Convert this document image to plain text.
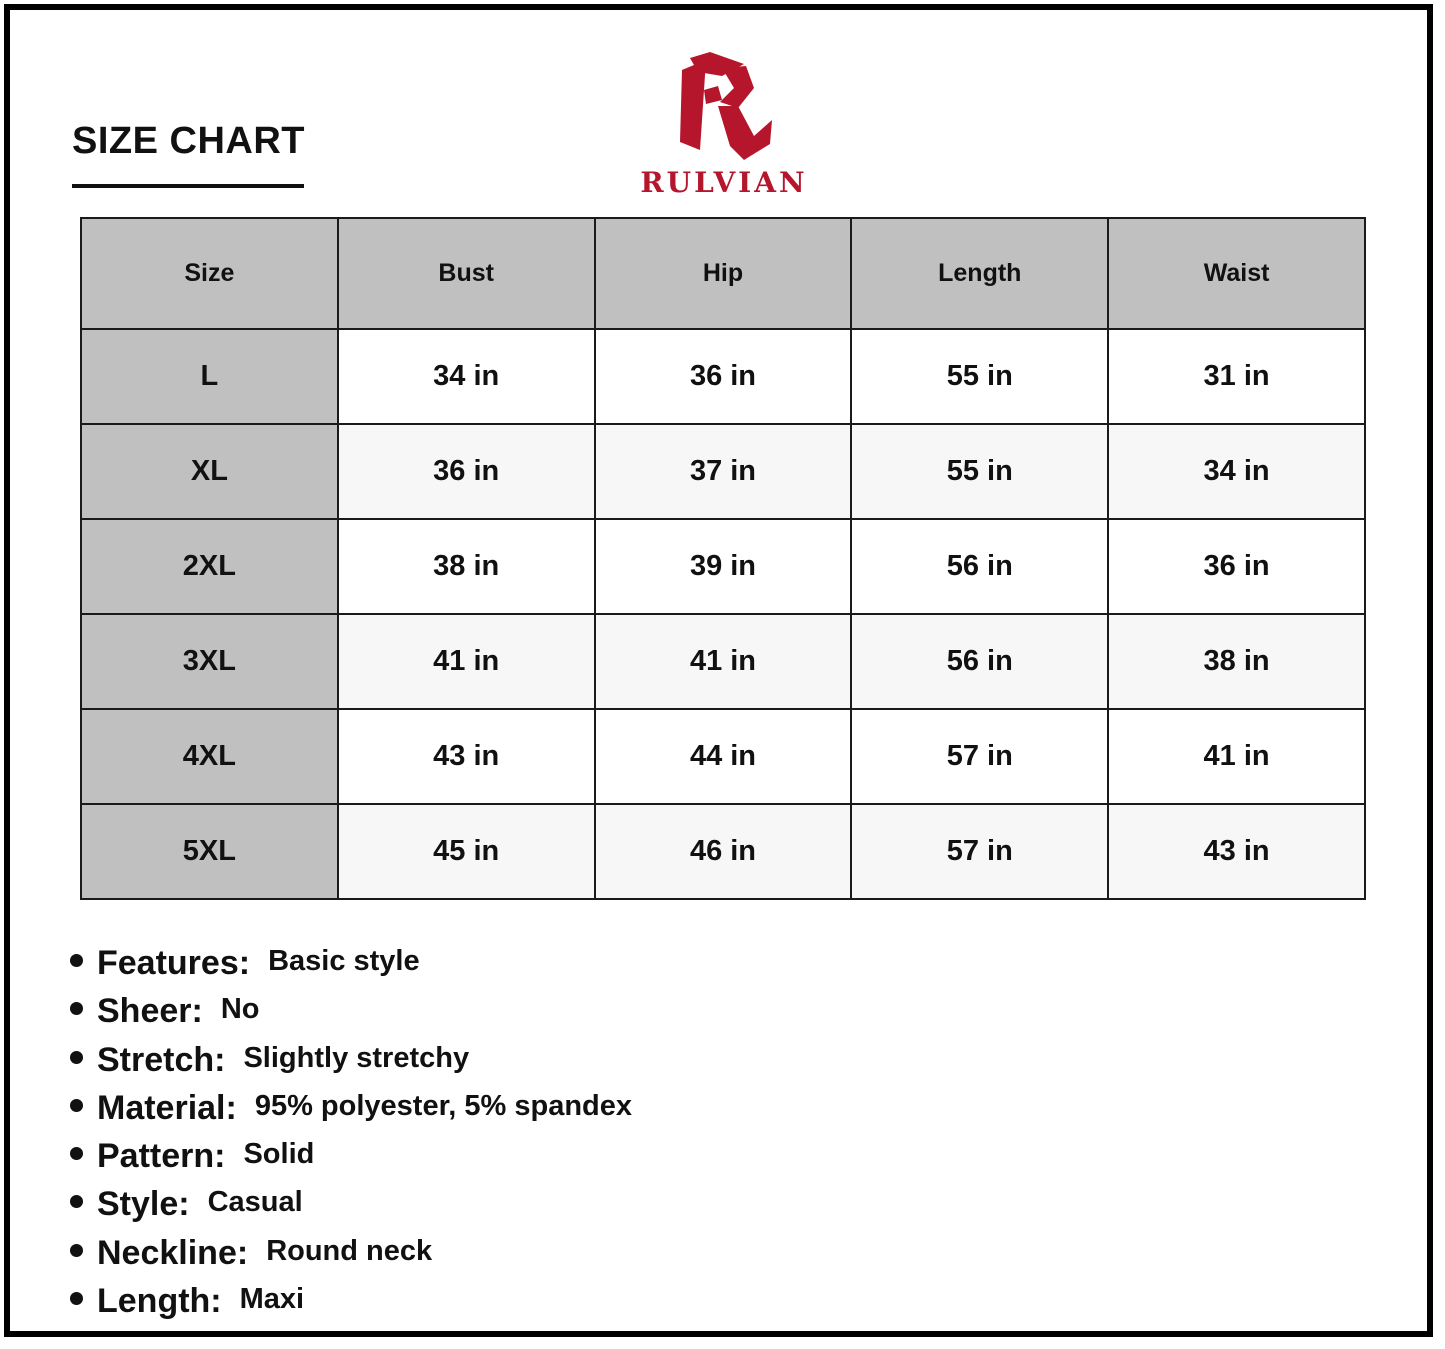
SIZE CHART
RULVIAN
Size	Bust	Hip	Length	Waist
L	34 in	36 in	55 in	31 in
XL	36 in	37 in	55 in	34 in
2XL	38 in	39 in	56 in	36 in
3XL	41 in	41 in	56 in	38 in
4XL	43 in	44 in	57 in	41 in
5XL	45 in	46 in	57 in	43 in
Features: Basic style
Sheer: No
Stretch: Slightly stretchy
Material: 95% polyester, 5% spandex
Pattern: Solid
Style: Casual
Neckline: Round neck
Length: Maxi
